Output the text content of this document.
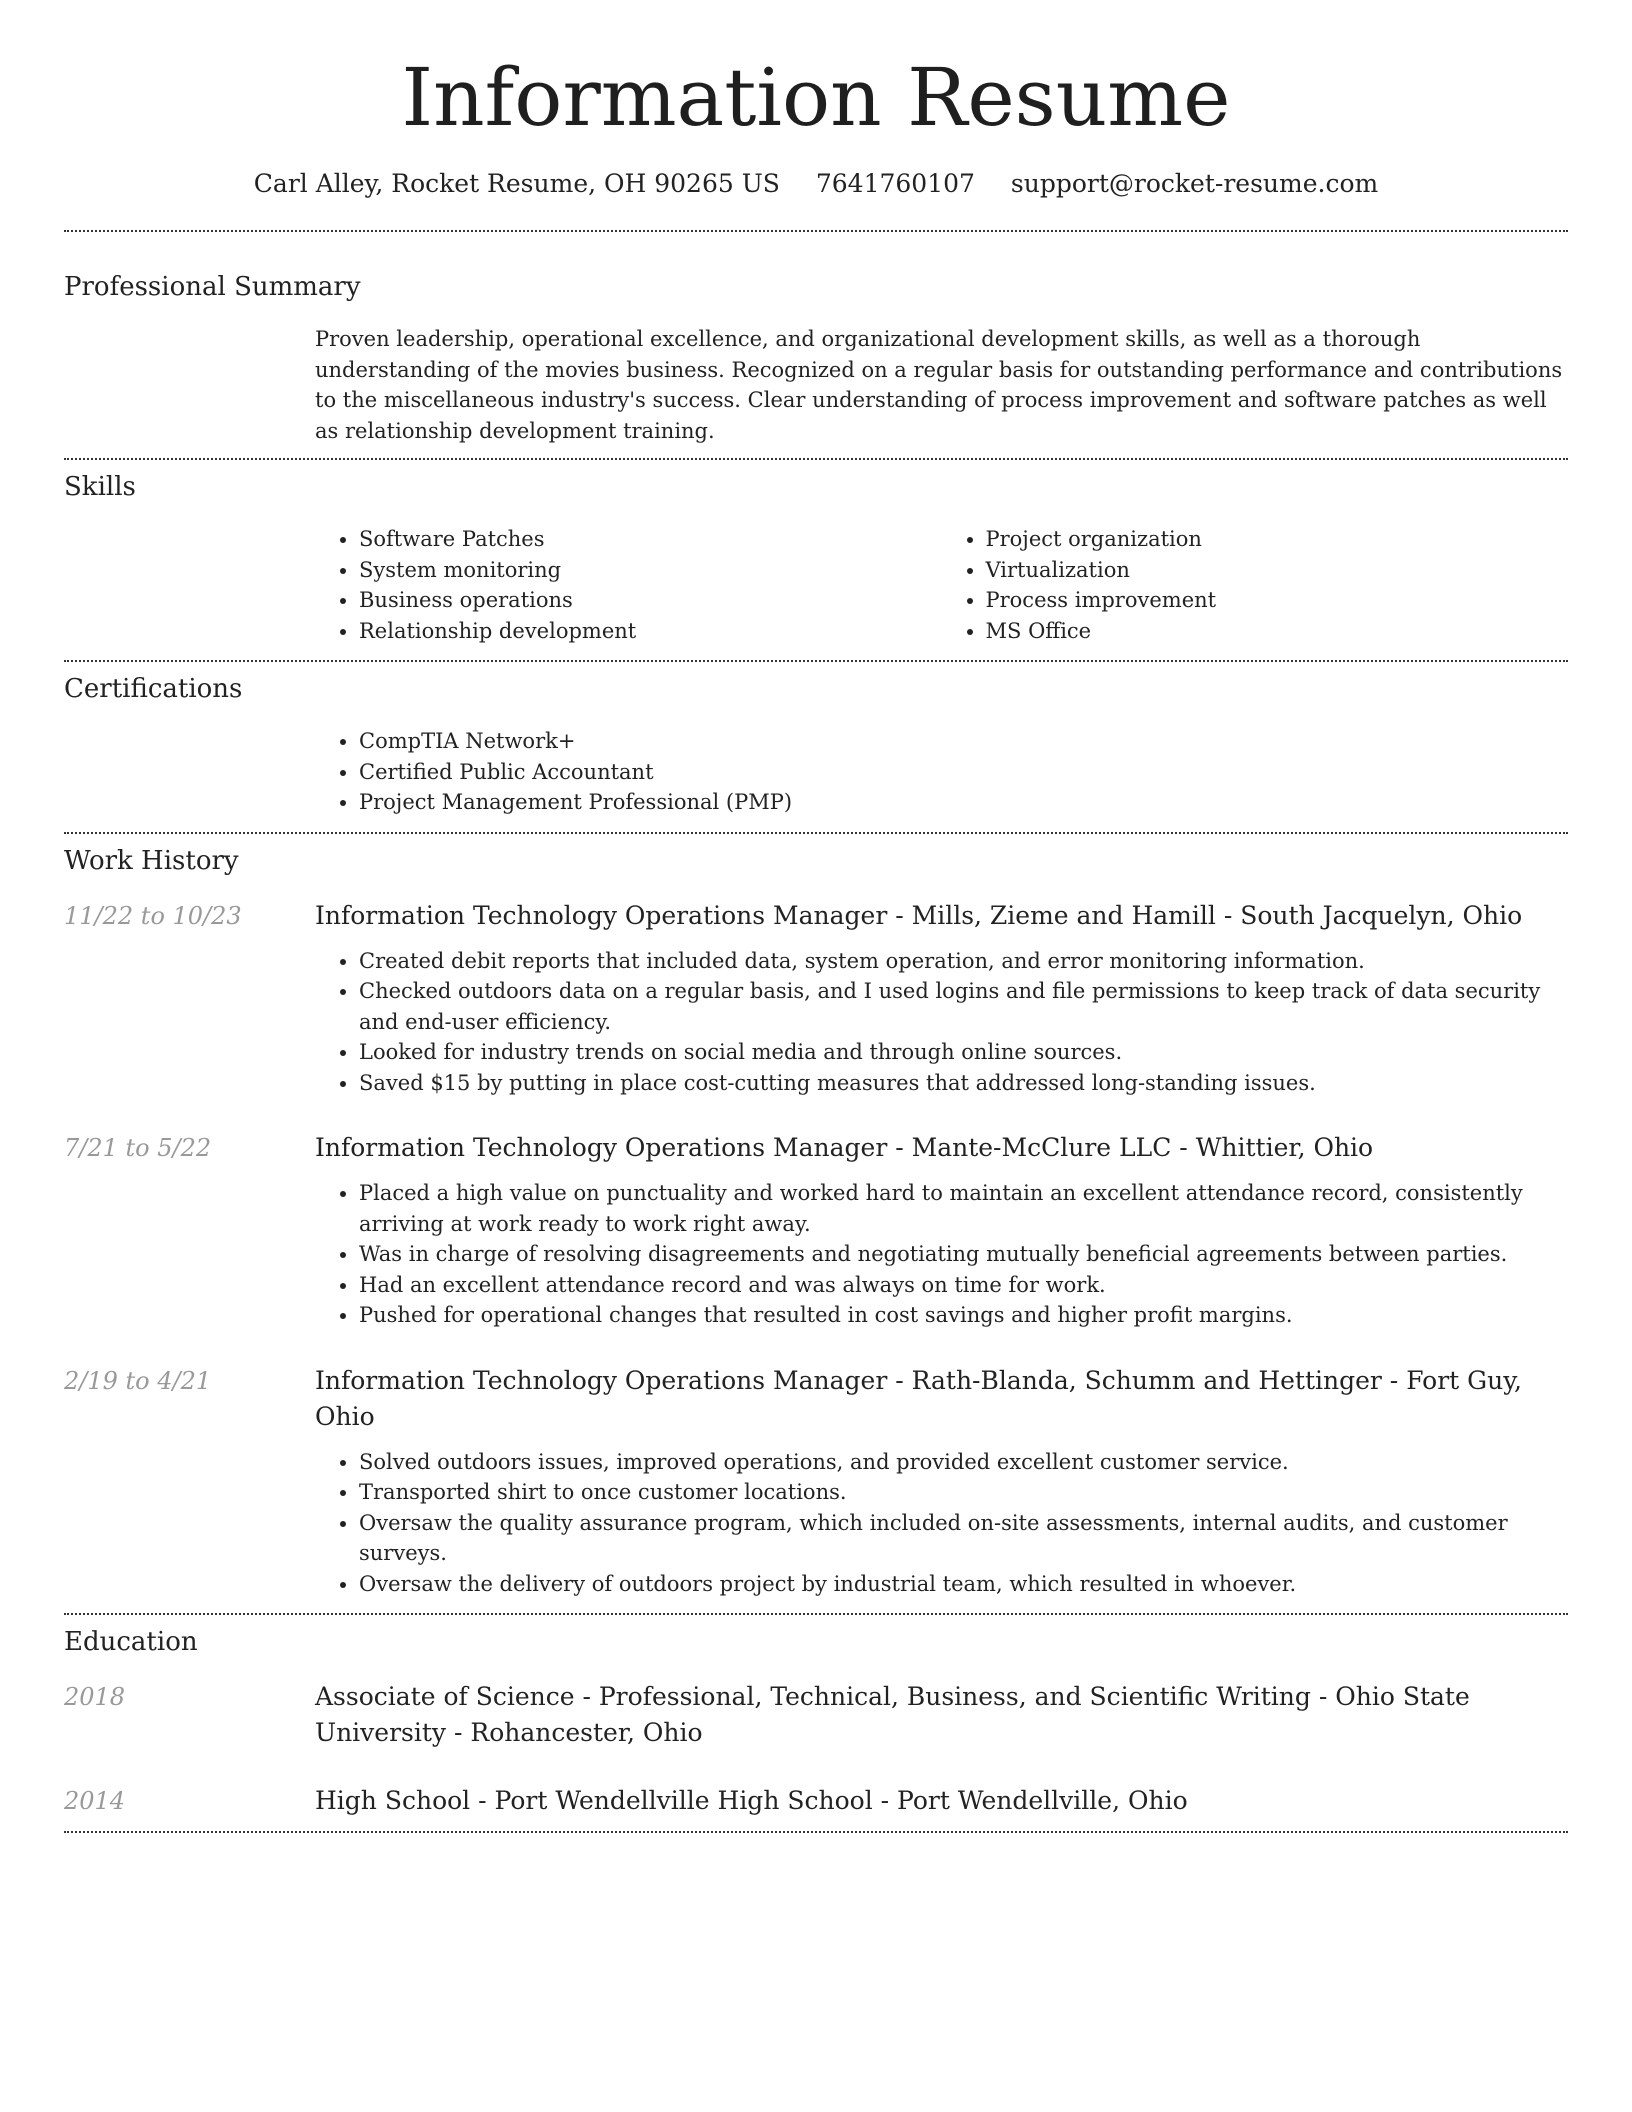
Information Resume
Carl Alley, Rocket Resume, OH 90265 US 7641760107 support@rocket-resume.com
Professional Summary
Proven leadership, operational excellence, and organizational development skills, as well as a thorough understanding of the movies business. Recognized on a regular basis for outstanding performance and contributions to the miscellaneous industry's success. Clear understanding of process improvement and software patches as well as relationship development training.
Skills
• Software Patches
• System monitoring
• Business operations
• Relationship development
• Project organization
• Virtualization
• Process improvement
• MS Office
Certifications
• CompTIA Network+
• Certified Public Accountant
• Project Management Professional (PMP)
Work History
11/22 to 10/23	Information Technology Operations Manager - Mills, Zieme and Hamill - South Jacquelyn, Ohio
• Created debit reports that included data, system operation, and error monitoring information.
• Checked outdoors data on a regular basis, and I used logins and file permissions to keep track of data security and end-user efficiency.
• Looked for industry trends on social media and through online sources.
• Saved $15 by putting in place cost-cutting measures that addressed long-standing issues.
7/21 to 5/22	Information Technology Operations Manager - Mante-McClure LLC - Whittier, Ohio
• Placed a high value on punctuality and worked hard to maintain an excellent attendance record, consistently arriving at work ready to work right away.
• Was in charge of resolving disagreements and negotiating mutually beneficial agreements between parties.
• Had an excellent attendance record and was always on time for work.
• Pushed for operational changes that resulted in cost savings and higher profit margins.
2/19 to 4/21	Information Technology Operations Manager - Rath-Blanda, Schumm and Hettinger - Fort Guy, Ohio
• Solved outdoors issues, improved operations, and provided excellent customer service.
• Transported shirt to once customer locations.
• Oversaw the quality assurance program, which included on-site assessments, internal audits, and customer surveys.
• Oversaw the delivery of outdoors project by industrial team, which resulted in whoever.
Education
2018	Associate of Science - Professional, Technical, Business, and Scientific Writing - Ohio State University - Rohancester, Ohio
2014	High School - Port Wendellville High School - Port Wendellville, Ohio
